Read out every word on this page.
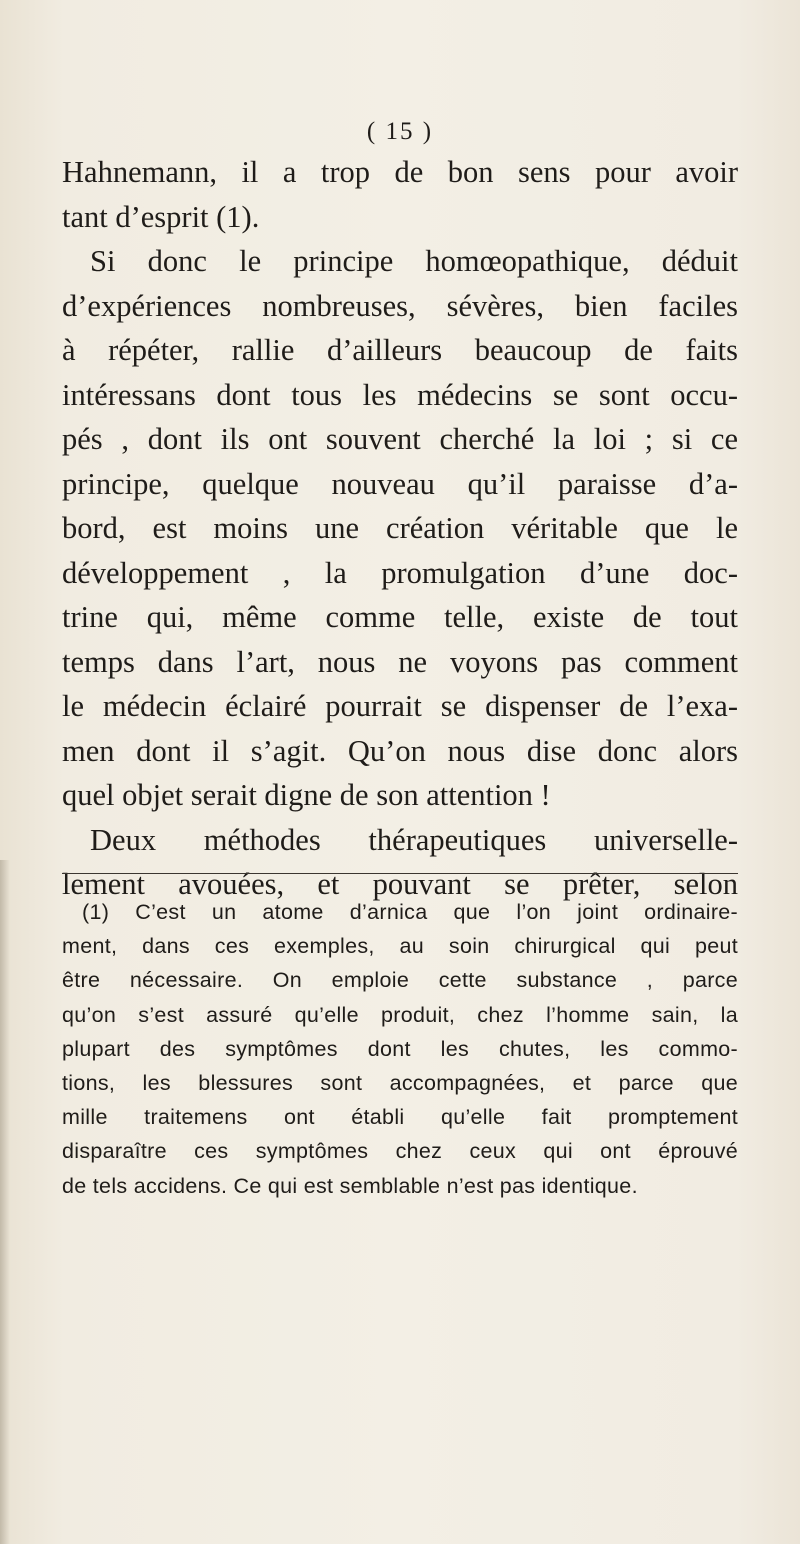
( 15 )
Hahnemann, il a trop de bon sens pour avoir
tant d’esprit (1).
Si donc le principe homœopathique, déduit
d’expériences nombreuses, sévères, bien faciles
à répéter, rallie d’ailleurs beaucoup de faits
intéressans dont tous les médecins se sont occu-
pés , dont ils ont souvent cherché la loi ; si ce
principe, quelque nouveau qu’il paraisse d’a-
bord, est moins une création véritable que le
développement , la promulgation d’une doc-
trine qui, même comme telle, existe de tout
temps dans l’art, nous ne voyons pas comment
le médecin éclairé pourrait se dispenser de l’exa-
men dont il s’agit. Qu’on nous dise donc alors
quel objet serait digne de son attention !
Deux méthodes thérapeutiques universelle-
lement avouées, et pouvant se prêter, selon
(1) C’est un atome d’arnica que l’on joint ordinaire-
ment, dans ces exemples, au soin chirurgical qui peut
être nécessaire. On emploie cette substance , parce
qu’on s’est assuré qu’elle produit, chez l’homme sain, la
plupart des symptômes dont les chutes, les commo-
tions, les blessures sont accompagnées, et parce que
mille traitemens ont établi qu’elle fait promptement
disparaître ces symptômes chez ceux qui ont éprouvé
de tels accidens. Ce qui est semblable n’est pas identique.
